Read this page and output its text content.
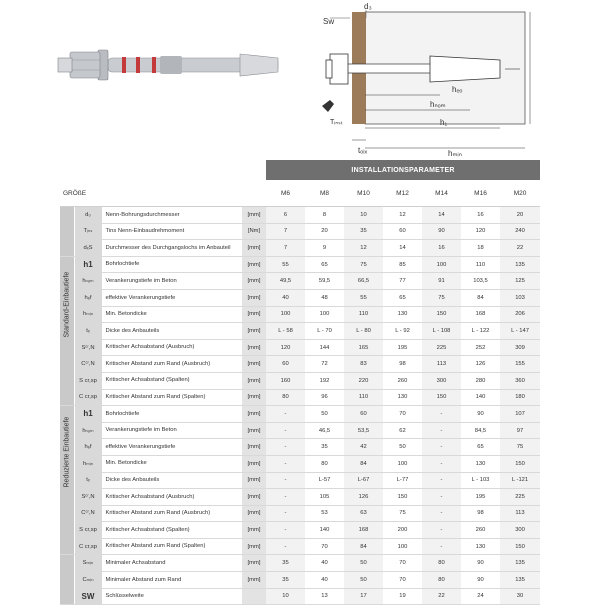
Sw
d₃
hₑₒ
hₙₒₘ
h₁
hₘᵢₙ
tₒᵢₓ
Tᵢₙₛₜ
				INSTALLATIONSPARAMETER						
GRÖßE				M6	M8	M10	M12	M14	M16	M20

	d₀	Nenn-Bohrungsdurchmesser	[mm]	6	8	10	12	14	16	20
	Tᵢₙₛ	Tins Nenn-Einbaudrehmoment	[Nm]	7	20	35	60	90	120	240
	dₓS	Durchmesser des Durchgangslochs im Anbauteil	[mm]	7	9	12	14	16	18	22

Standard-Einbautiefe	h1	Bohrlochtiefe	[mm]	55	65	75	85	100	110	135
	hₙₒₘ	Verankerungstiefe im Beton	[mm]	49,5	59,5	66,5	77	91	103,5	125
	hₑf	effektive Verankerungstiefe	[mm]	40	48	55	65	75	84	103
	hₘᵢₙ	Min. Betondicke	[mm]	100	100	110	130	150	168	206
	tₓ	Dicke des Anbauteils	[mm]	L - 58	L - 70	L - 80	L - 92	L - 108	L - 122	L - 147
	Sᶜʳ,N	Kritischer Achsabstand (Ausbruch)	[mm]	120	144	165	195	225	252	309
	Cᶜʳ,N	Kritischer Abstand zum Rand (Ausbruch)	[mm]	60	72	83	98	113	126	155
	S cr,sp	Kritischer Achsabstand (Spalten)	[mm]	160	192	220	260	300	280	360
	C cr,sp	Kritischer Abstand zum Rand (Spalten)	[mm]	80	96	110	130	150	140	180

Reduzierte Einbautiefe	h1	Bohrlochtiefe	[mm]	-	50	60	70	-	90	107
	hₙₒₘ	Verankerungstiefe im Beton	[mm]	-	46,5	53,5	62	-	84,5	97
	hₑf	effektive Verankerungstiefe	[mm]	-	35	42	50	-	65	75
	hₘᵢₙ	Min. Betondicke	[mm]	-	80	84	100	-	130	150
	tₓ	Dicke des Anbauteils	[mm]	-	L-57	L-67	L-77	-	L - 103	L -121
	Sᶜʳ,N	Kritischer Achsabstand (Ausbruch)	[mm]	-	105	126	150	-	195	225
	Cᶜʳ,N	Kritischer Abstand zum Rand (Ausbruch)	[mm]	-	53	63	75	-	98	113
	S cr,sp	Kritischer Achsabstand (Spalten)	[mm]	-	140	168	200	-	260	300
	C cr,sp	Kritischer Abstand zum Rand (Spalten)	[mm]	-	70	84	100	-	130	150

	Sₘᵢₙ	Minimaler Achsabstand	[mm]	35	40	50	70	80	90	135
	Cₘᵢₙ	Minimaler Abstand zum Rand	[mm]	35	40	50	70	80	90	135
	SW	Schlüsselweite		10	13	17	19	22	24	30
